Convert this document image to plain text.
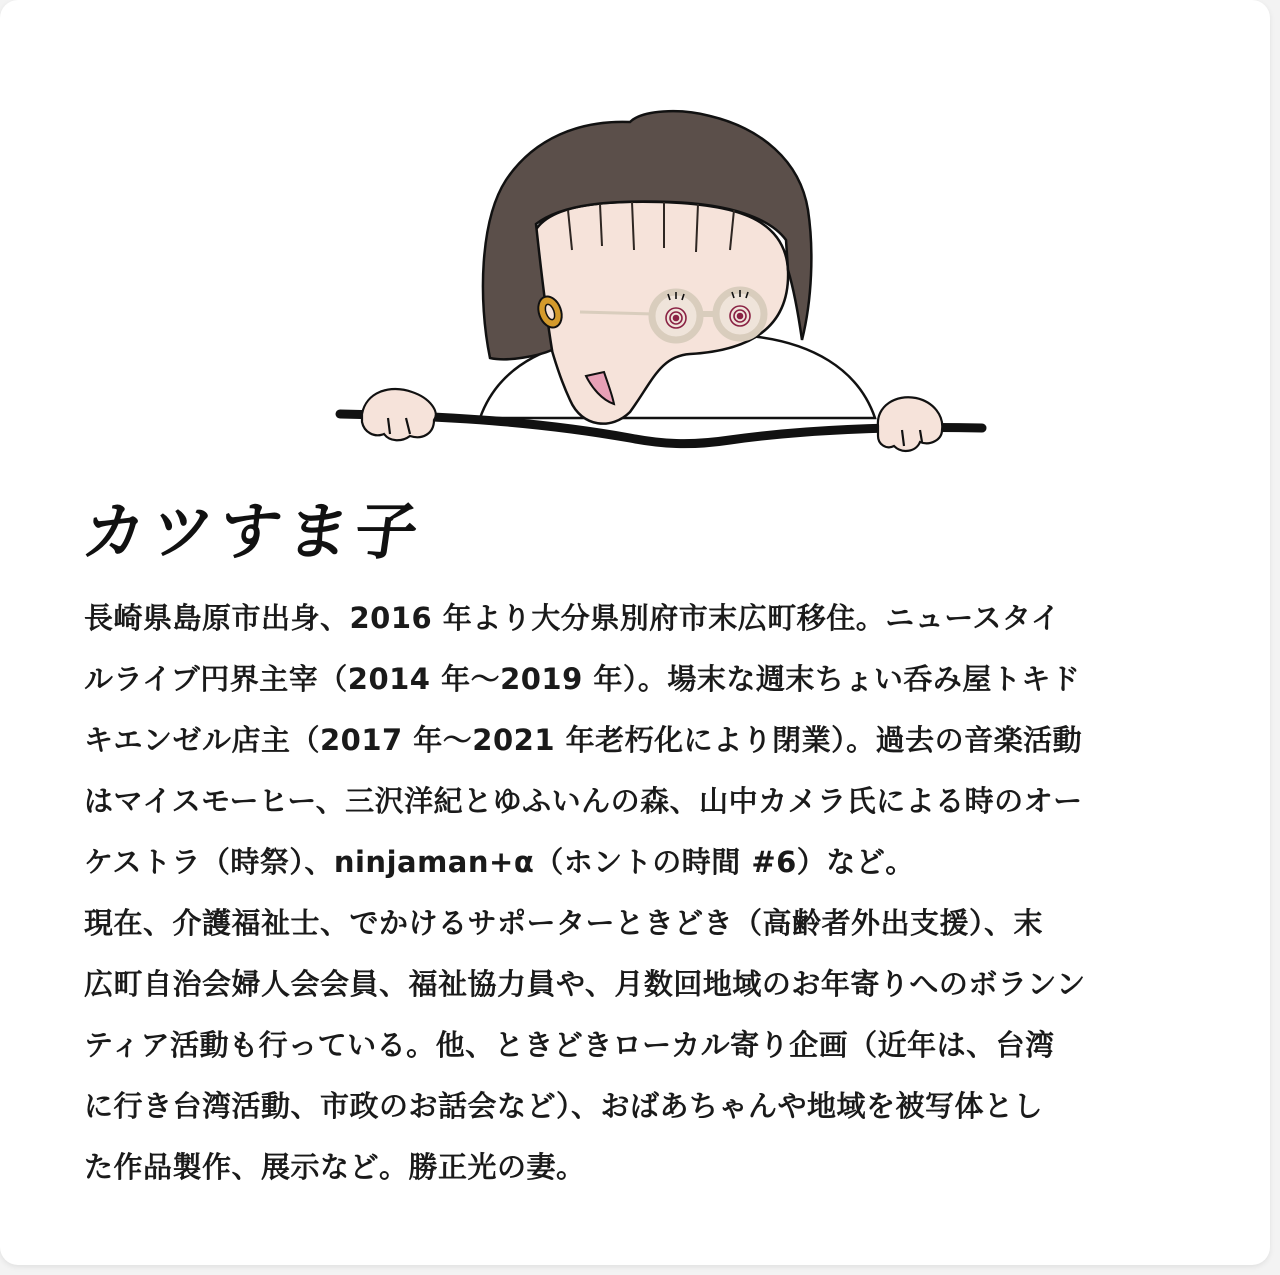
カツすま子

長崎県島原市出身、2016 年より大分県別府市末広町移住。ニュースタイ

ルライブ円界主宰（2014 年〜2019 年）。場末な週末ちょい呑み屋トキド

キエンゼル店主（2017 年〜2021 年老朽化により閉業）。過去の音楽活動

はマイスモーヒー、三沢洋紀とゆふいんの森、山中カメラ氏による時のオー

ケストラ（時祭）、ninjaman+α（ホントの時間 #6）など。

現在、介護福祉士、でかけるサポーターときどき（高齢者外出支援）、末

広町自治会婦人会会員、福祉協力員や、月数回地域のお年寄りへのボランン

ティア活動も行っている。他、ときどきローカル寄り企画（近年は、台湾

に行き台湾活動、市政のお話会など）、おばあちゃんや地域を被写体とし

た作品製作、展示など。勝正光の妻。
